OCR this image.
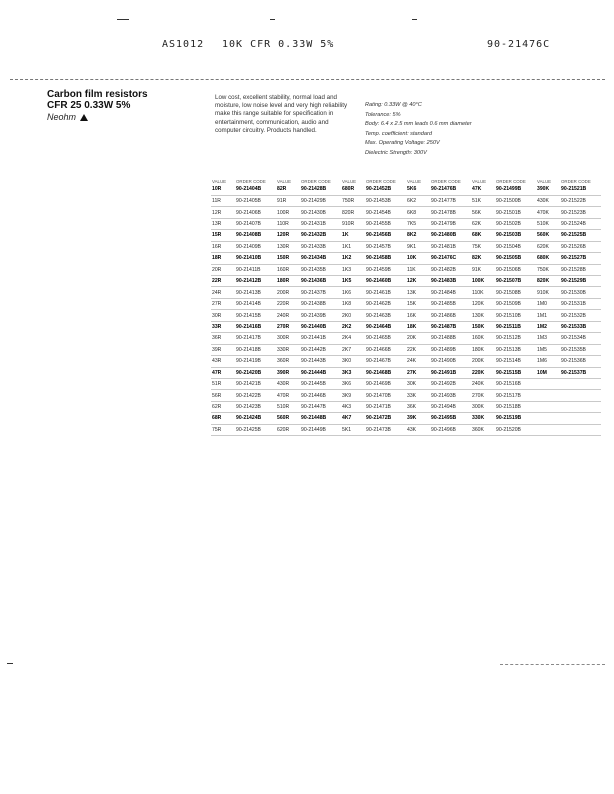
AS1012 10K CFR 0.33W 5%	90-21476C
Carbon film resistors
CFR 25 0.33W 5%
Neohm
Low cost, excellent stability, normal load and moisture, low noise level and very high reliability make this range suitable for specification in entertainment, communication, audio and computer circuitry. Products handled.
Rating: 0.33W @ 40°C
Tolerance: 5%
Body: 6.4 x 2.5 mm leads 0.6 mm diameter
Temp. coefficient: standard
Max. Operating Voltage: 250V
Dielectric Strength: 300V
VALUE	ORDER CODE	VALUE	ORDER CODE	VALUE	ORDER CODE	VALUE	ORDER CODE	VALUE	ORDER CODE	VALUE	ORDER CODE
10R	90-21404B	82R	90-21428B	680R	90-21452B	5K6	90-21476B	47K	90-21499B	390K	90-21521B
11R	90-21405B	91R	90-21429B	750R	90-21453B	6K2	90-21477B	51K	90-21500B	430K	90-21522B
12R	90-21406B	100R	90-21430B	820R	90-21454B	6K8	90-21478B	56K	90-21501B	470K	90-21523B
13R	90-21407B	110R	90-21431B	910R	90-21455B	7K5	90-21479B	62K	90-21502B	510K	90-21524B
15R	90-21408B	120R	90-21432B	1K	90-21456B	8K2	90-21480B	68K	90-21503B	560K	90-21525B
16R	90-21409B	130R	90-21433B	1K1	90-21457B	9K1	90-21481B	75K	90-21504B	620K	90-21526B
18R	90-21410B	150R	90-21434B	1K2	90-21458B	10K	90-21476C	82K	90-21505B	680K	90-21527B
20R	90-21411B	160R	90-21435B	1K3	90-21459B	11K	90-21482B	91K	90-21506B	750K	90-21528B
22R	90-21412B	180R	90-21436B	1K5	90-21460B	12K	90-21483B	100K	90-21507B	820K	90-21529B
24R	90-21413B	200R	90-21437B	1K6	90-21461B	13K	90-21484B	110K	90-21508B	910K	90-21530B
27R	90-21414B	220R	90-21438B	1K8	90-21462B	15K	90-21485B	120K	90-21509B	1M0	90-21531B
30R	90-21415B	240R	90-21439B	2K0	90-21463B	16K	90-21486B	130K	90-21510B	1M1	90-21532B
33R	90-21416B	270R	90-21440B	2K2	90-21464B	18K	90-21487B	150K	90-21511B	1M2	90-21533B
36R	90-21417B	300R	90-21441B	2K4	90-21465B	20K	90-21488B	160K	90-21512B	1M3	90-21534B
39R	90-21418B	330R	90-21442B	2K7	90-21466B	22K	90-21489B	180K	90-21513B	1M5	90-21535B
43R	90-21419B	360R	90-21443B	3K0	90-21467B	24K	90-21490B	200K	90-21514B	1M6	90-21536B
47R	90-21420B	390R	90-21444B	3K3	90-21468B	27K	90-21491B	220K	90-21515B	10M	90-21537B
51R	90-21421B	430R	90-21445B	3K6	90-21469B	30K	90-21492B	240K	90-21516B		
56R	90-21422B	470R	90-21446B	3K9	90-21470B	33K	90-21493B	270K	90-21517B		
62R	90-21423B	510R	90-21447B	4K3	90-21471B	36K	90-21494B	300K	90-21518B		
68R	90-21424B	560R	90-21448B	4K7	90-21472B	39K	90-21495B	330K	90-21519B		
75R	90-21425B	620R	90-21449B	5K1	90-21473B	43K	90-21496B	360K	90-21520B		
